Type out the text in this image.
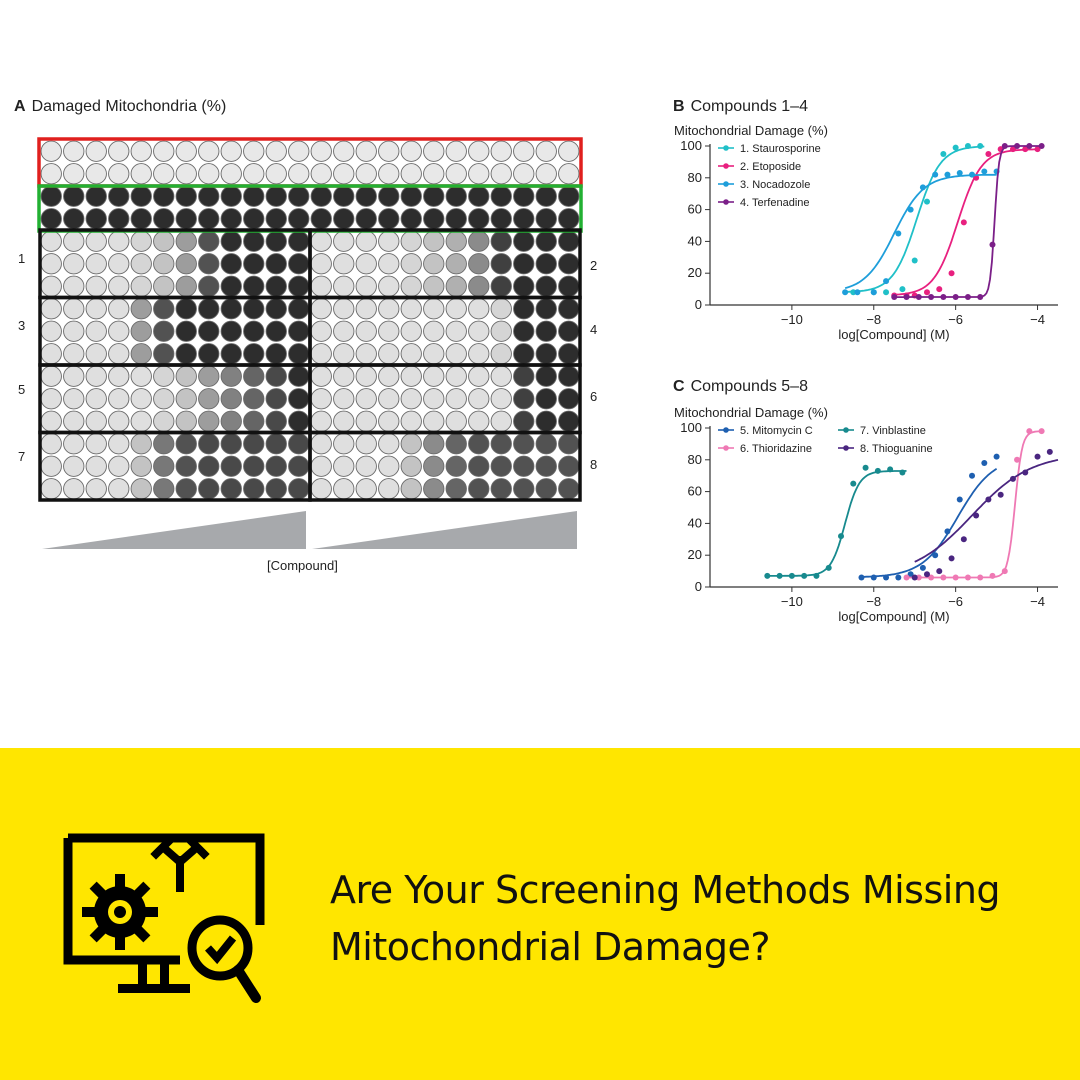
A Damaged Mitochondria (%)
1
3
5
7
2
4
6
8
[Compound]
B Compounds 1–4
0
20
40
60
80
100
−10	−8	−6	−4
Mitochondrial Damage (%)
log[Compound] (M)
1. Staurosporine
2. Etoposide
3. Nocadozole
4. Terfenadine
C Compounds 5–8
0
20
40
60
80
100
−10	−8	−6	−4
Mitochondrial Damage (%)
log[Compound] (M)
5. Mitomycin C
6. Thioridazine
7. Vinblastine
8. Thioguanine
Are Your Screening Methods Missing
Mitochondrial Damage?
